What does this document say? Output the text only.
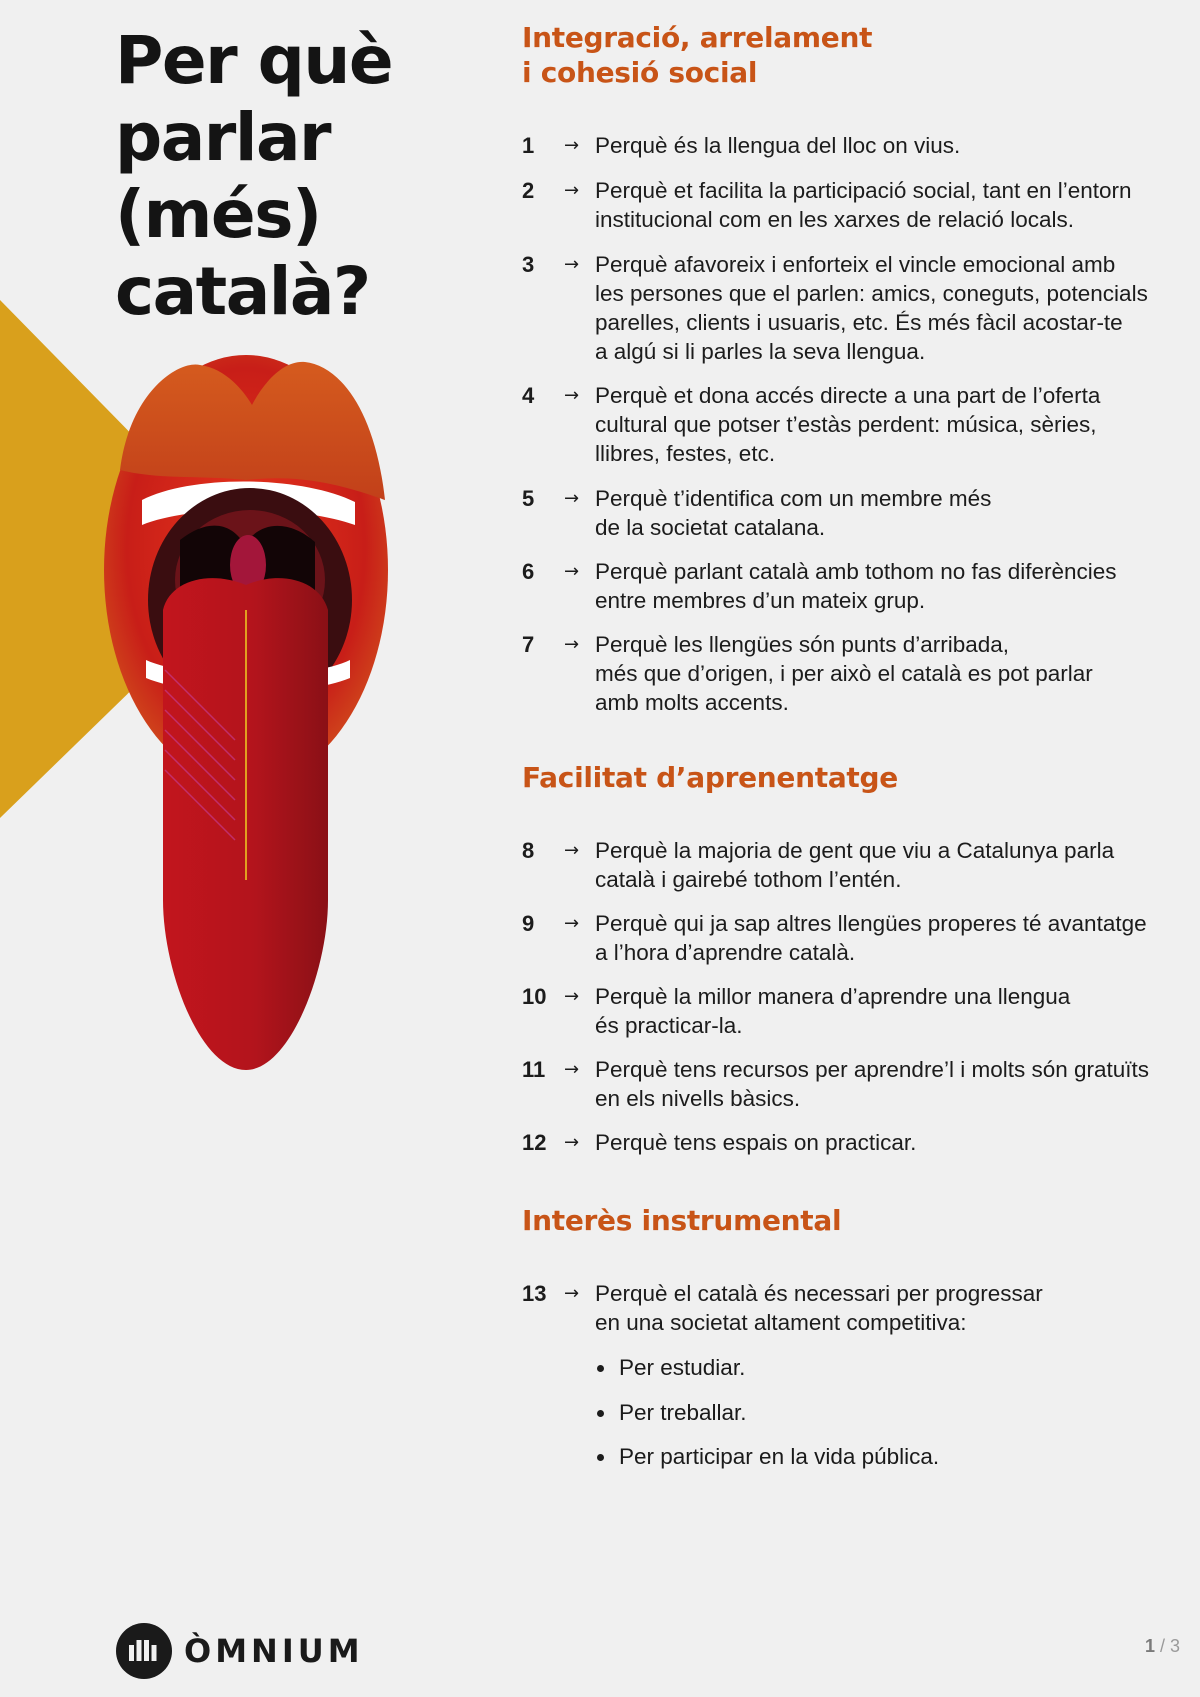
Per què
parlar
(més)
català?
Integració, arrelament
i cohesió social
1	→ Perquè és la llengua del lloc on vius.
2	→ Perquè et facilita la participació social, tant en l’entorn
institucional com en les xarxes de relació locals.
3	→ Perquè afavoreix i enforteix el vincle emocional amb
les persones que el parlen: amics, coneguts, potencials
parelles, clients i usuaris, etc. És més fàcil acostar-te
a algú si li parles la seva llengua.
4	→ Perquè et dona accés directe a una part de l’oferta
cultural que potser t’estàs perdent: música, sèries,
llibres, festes, etc.
5	→ Perquè t’identifica com un membre més
de la societat catalana.
6	→ Perquè parlant català amb tothom no fas diferències
entre membres d’un mateix grup.
7	→ Perquè les llengües són punts d’arribada,
més que d’origen, i per això el català es pot parlar
amb molts accents.
Facilitat d’aprenentatge
8	→ Perquè la majoria de gent que viu a Catalunya parla
català i gairebé tothom l’entén.
9	→ Perquè qui ja sap altres llengües properes té avantatge
a l’hora d’aprendre català.
10 → Perquè la millor manera d’aprendre una llengua
és practicar-la.
11	→ Perquè tens recursos per aprendre’l i molts són gratuïts
en els nivells bàsics.
12 → Perquè tens espais on practicar.
Interès instrumental
13 → Perquè el català és necessari per progressar
en una societat altament competitiva:
Per estudiar.
Per treballar.
Per participar en la vida pública.
ÒMNIUM	1 / 3
